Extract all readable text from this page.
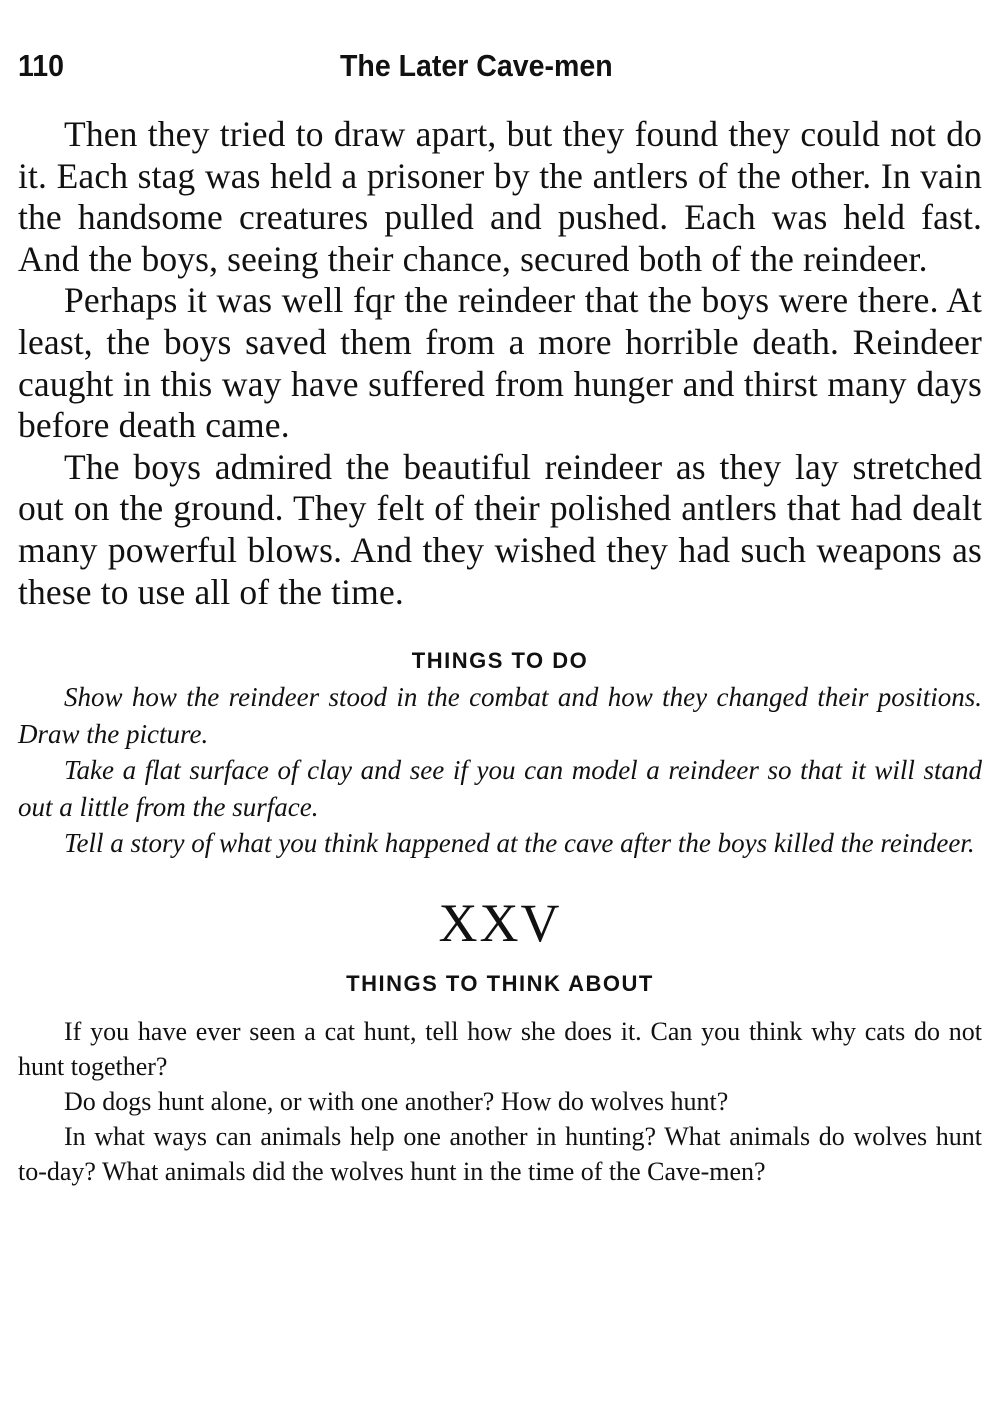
110	The Later Cave-men

Then they tried to draw apart, but they found they could not do it. Each stag was held a prisoner by the antlers of the other. In vain the handsome creatures pulled and pushed. Each was held fast. And the boys, seeing their chance, secured both of the reindeer.

Perhaps it was well fqr the reindeer that the boys were there. At least, the boys saved them from a more horrible death. Reindeer caught in this way have suffered from hunger and thirst many days before death came.

The boys admired the beautiful reindeer as they lay stretched out on the ground. They felt of their polished antlers that had dealt many powerful blows. And they wished they had such weapons as these to use all of the time.

THINGS TO DO

Show how the reindeer stood in the combat and how they changed their positions. Draw the picture.

Take a flat surface of clay and see if you can model a reindeer so that it will stand out a little from the surface.

Tell a story of what you think happened at the cave after the boys killed the reindeer.

XXV
THINGS TO THINK ABOUT

If you have ever seen a cat hunt, tell how she does it. Can you think why cats do not hunt together?

Do dogs hunt alone, or with one another? How do wolves hunt?

In what ways can animals help one another in hunting? What animals do wolves hunt to-day? What animals did the wolves hunt in the time of the Cave-men?
